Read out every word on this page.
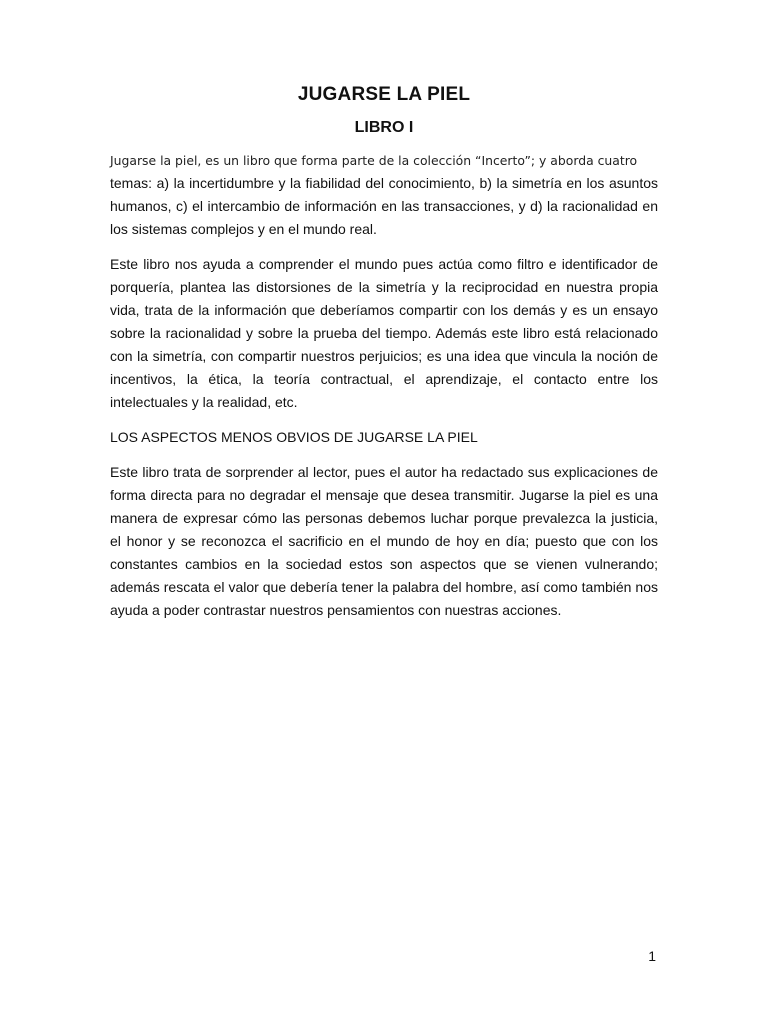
JUGARSE LA PIEL
LIBRO I

Jugarse la piel, es un libro que forma parte de la colección “Incerto”; y aborda cuatro
temas: a) la incertidumbre y la fiabilidad del conocimiento, b) la simetría en los asuntos humanos, c) el intercambio de información en las transacciones, y d) la racionalidad en los sistemas complejos y en el mundo real.

Este libro nos ayuda a comprender el mundo pues actúa como filtro e identificador de porquería, plantea las distorsiones de la simetría y la reciprocidad en nuestra propia vida, trata de la información que deberíamos compartir con los demás y es un ensayo sobre la racionalidad y sobre la prueba del tiempo. Además este libro está relacionado con la simetría, con compartir nuestros perjuicios; es una idea que vincula la noción de incentivos, la ética, la teoría contractual, el aprendizaje, el contacto entre los intelectuales y la realidad, etc.

LOS ASPECTOS MENOS OBVIOS DE JUGARSE LA PIEL

Este libro trata de sorprender al lector, pues el autor ha redactado sus explicaciones de forma directa para no degradar el mensaje que desea transmitir. Jugarse la piel es una manera de expresar cómo las personas debemos luchar porque prevalezca la justicia, el honor y se reconozca el sacrificio en el mundo de hoy en día; puesto que con los constantes cambios en la sociedad estos son aspectos que se vienen vulnerando; además rescata el valor que debería tener la palabra del hombre, así como también nos ayuda a poder contrastar nuestros pensamientos con nuestras acciones.

1
